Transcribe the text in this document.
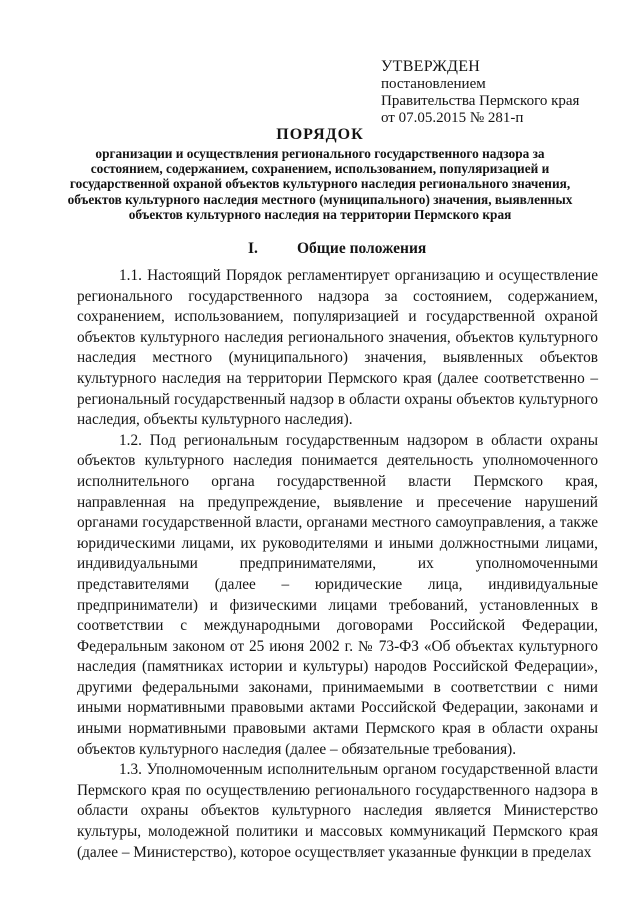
УТВЕРЖДЕН
постановлением
Правительства Пермского края
от 07.05.2015 № 281-п
ПОРЯДОК
организации и осуществления регионального государственного надзора за состоянием, содержанием, сохранением, использованием, популяризацией и государственной охраной объектов культурного наследия регионального значения, объектов культурного наследия местного (муниципального) значения, выявленных объектов культурного наследия на территории Пермского края
I.	Общие положения

1.1. Настоящий Порядок регламентирует организацию и осуществление регионального государственного надзора за состоянием, содержанием, сохранением, использованием, популяризацией и государственной охраной объектов культурного наследия регионального значения, объектов культурного наследия местного (муниципального) значения, выявленных объектов культурного наследия на территории Пермского края (далее соответственно – региональный государственный надзор в области охраны объектов культурного наследия, объекты культурного наследия).

1.2. Под региональным государственным надзором в области охраны объектов культурного наследия понимается деятельность уполномоченного исполнительного органа государственной власти Пермского края, направленная на предупреждение, выявление и пресечение нарушений органами государственной власти, органами местного самоуправления, а также юридическими лицами, их руководителями и иными должностными лицами, индивидуальными предпринимателями, их уполномоченными представителями (далее – юридические лица, индивидуальные предприниматели) и физическими лицами требований, установленных в соответствии с международными договорами Российской Федерации, Федеральным законом от 25 июня 2002 г. № 73-ФЗ «Об объектах культурного наследия (памятниках истории и культуры) народов Российской Федерации», другими федеральными законами, принимаемыми в соответствии с ними иными нормативными правовыми актами Российской Федерации, законами и иными нормативными правовыми актами Пермского края в области охраны объектов культурного наследия (далее – обязательные требования).

1.3. Уполномоченным исполнительным органом государственной власти Пермского края по осуществлению регионального государственного надзора в области охраны объектов культурного наследия является Министерство культуры, молодежной политики и массовых коммуникаций Пермского края (далее – Министерство), которое осуществляет указанные функции в пределах
